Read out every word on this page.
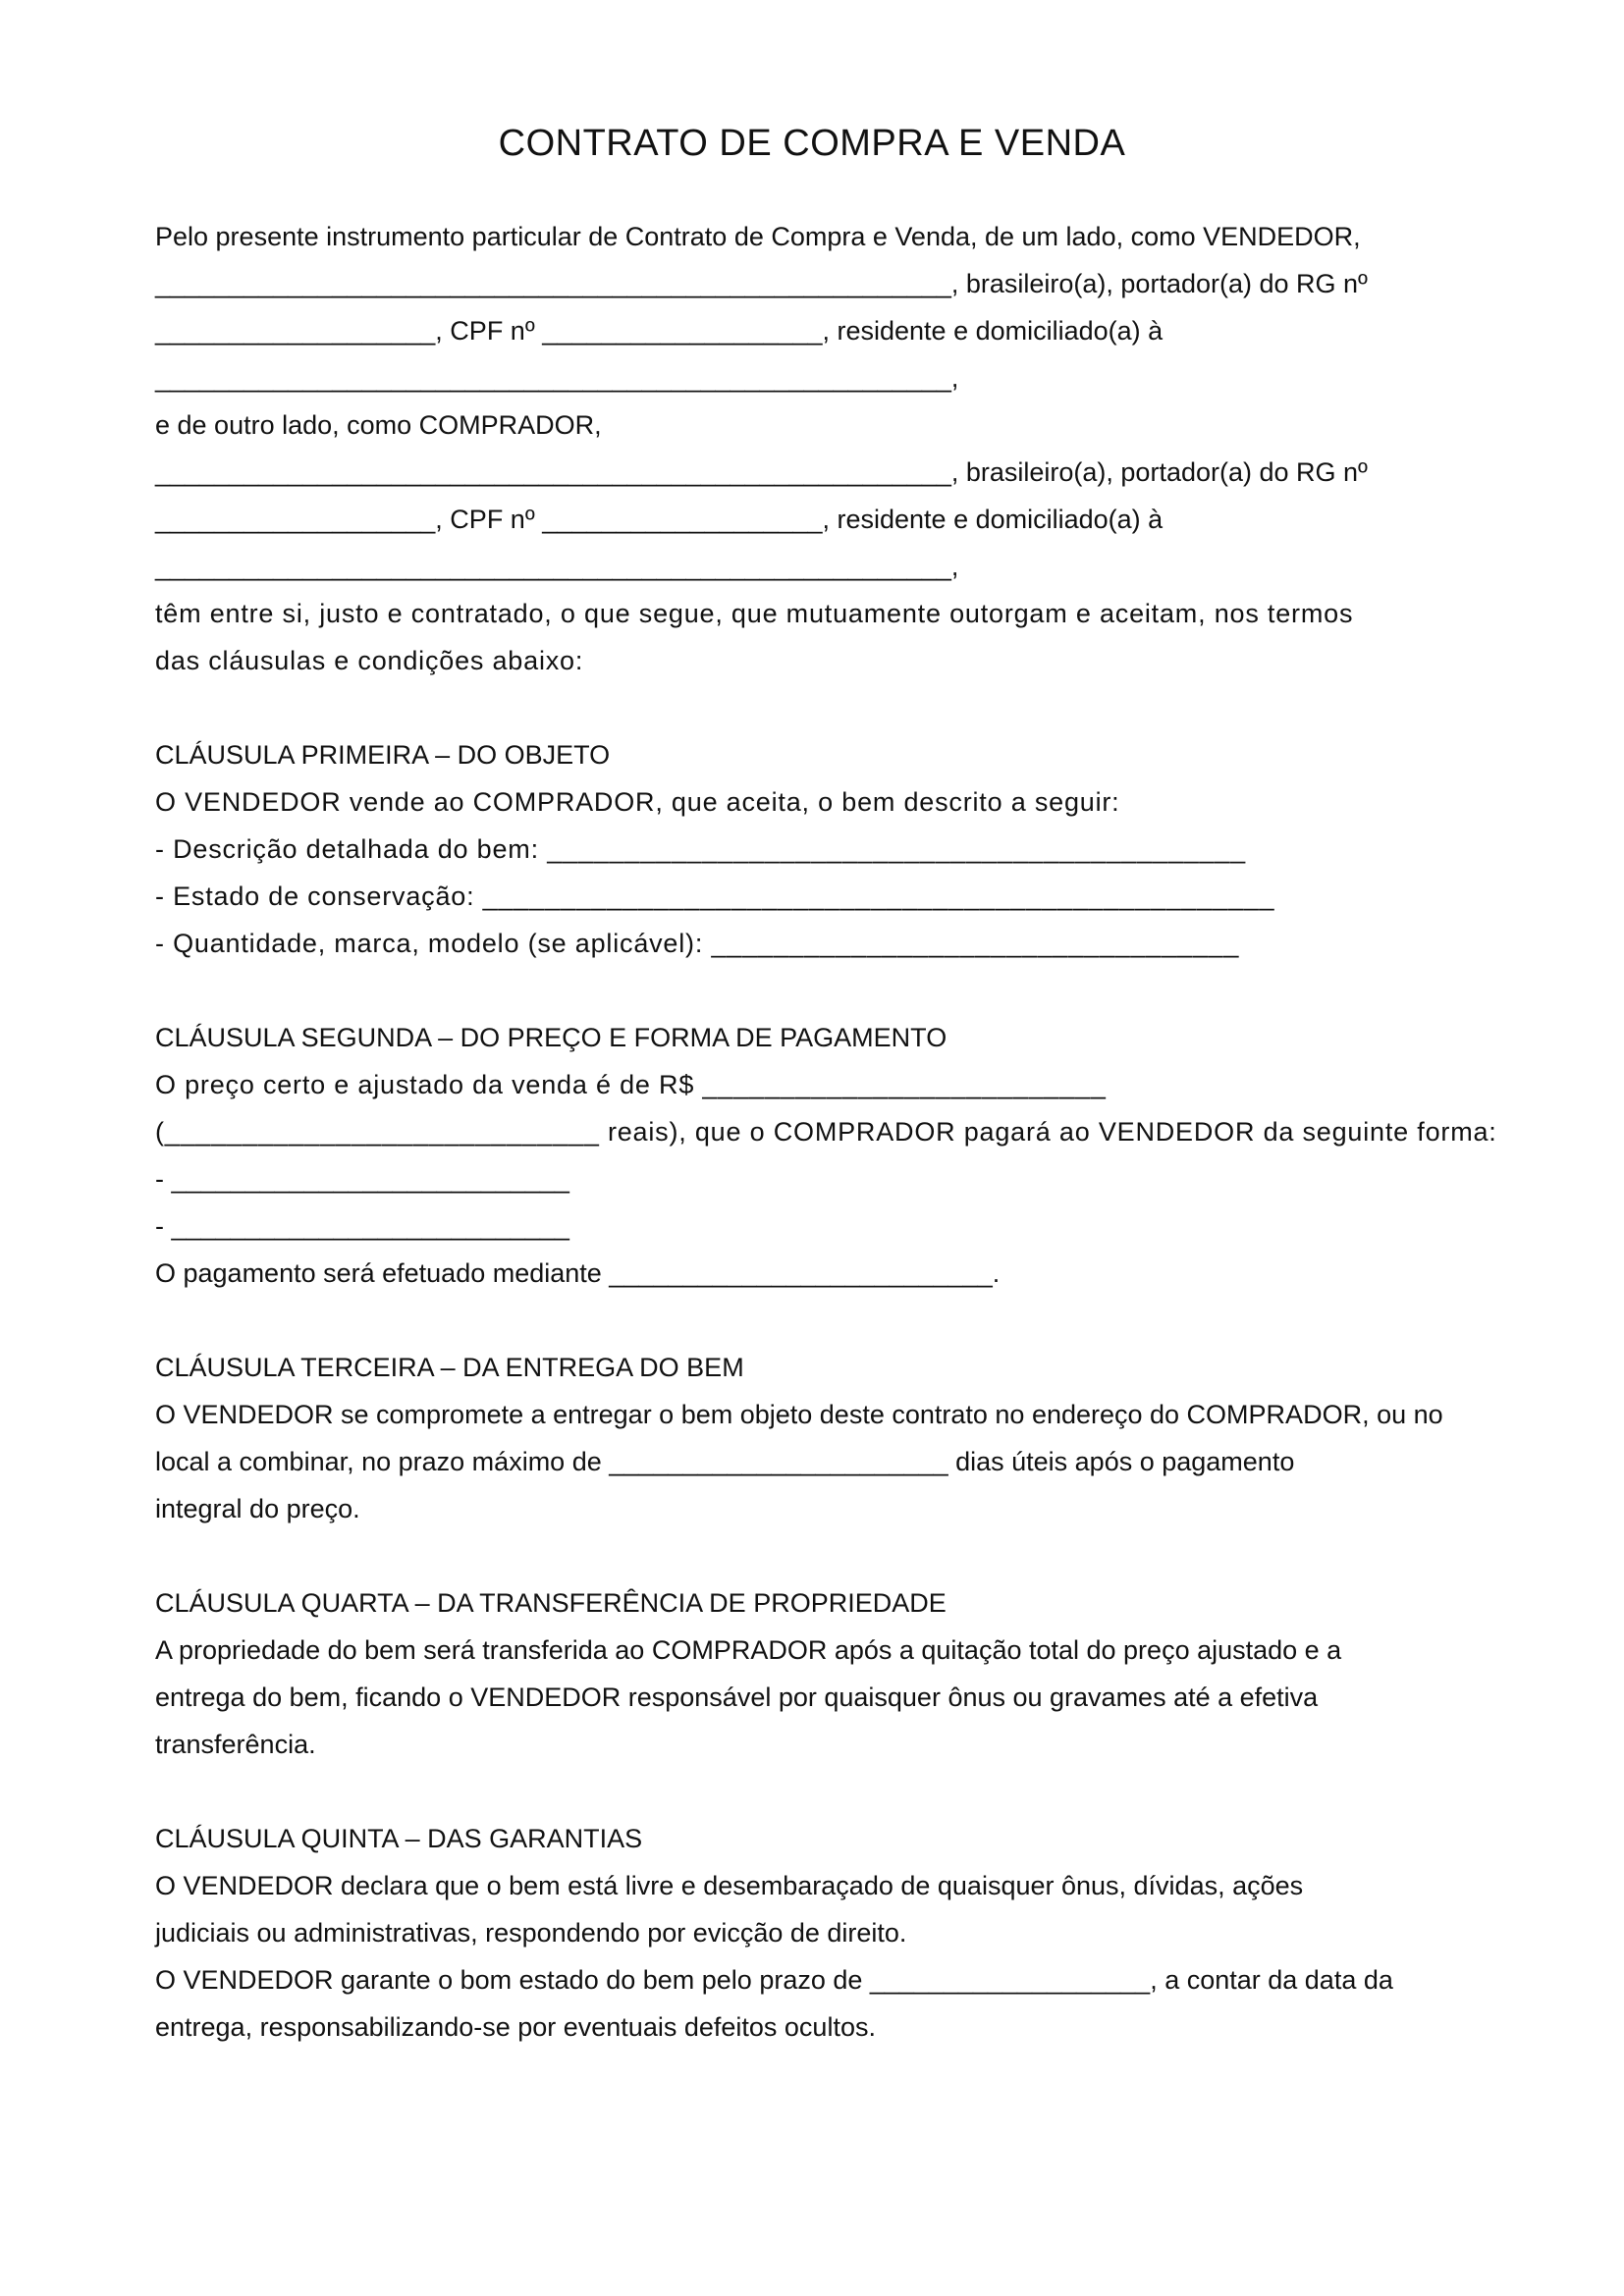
CONTRATO DE COMPRA E VENDA
Pelo presente instrumento particular de Contrato de Compra e Venda, de um lado, como VENDEDOR,
______________________________________________________, brasileiro(a), portador(a) do RG nº
___________________, CPF nº ___________________, residente e domiciliado(a) à
______________________________________________________,
e de outro lado, como COMPRADOR,
______________________________________________________, brasileiro(a), portador(a) do RG nº
___________________, CPF nº ___________________, residente e domiciliado(a) à
______________________________________________________,
têm entre si, justo e contratado, o que segue, que mutuamente outorgam e aceitam, nos termos
das cláusulas e condições abaixo:
CLÁUSULA PRIMEIRA – DO OBJETO
O VENDEDOR vende ao COMPRADOR, que aceita, o bem descrito a seguir:
- Descrição detalhada do bem: _____________________________________________
- Estado de conservação: ___________________________________________________
- Quantidade, marca, modelo (se aplicável): __________________________________
CLÁUSULA SEGUNDA – DO PREÇO E FORMA DE PAGAMENTO
O preço certo e ajustado da venda é de R$ __________________________
(____________________________ reais), que o COMPRADOR pagará ao VENDEDOR da seguinte forma:
- ___________________________
- ___________________________
O pagamento será efetuado mediante __________________________.
CLÁUSULA TERCEIRA – DA ENTREGA DO BEM
O VENDEDOR se compromete a entregar o bem objeto deste contrato no endereço do COMPRADOR, ou no
local a combinar, no prazo máximo de _______________________ dias úteis após o pagamento
integral do preço.
CLÁUSULA QUARTA – DA TRANSFERÊNCIA DE PROPRIEDADE
A propriedade do bem será transferida ao COMPRADOR após a quitação total do preço ajustado e a
entrega do bem, ficando o VENDEDOR responsável por quaisquer ônus ou gravames até a efetiva
transferência.
CLÁUSULA QUINTA – DAS GARANTIAS
O VENDEDOR declara que o bem está livre e desembaraçado de quaisquer ônus, dívidas, ações
judiciais ou administrativas, respondendo por evicção de direito.
O VENDEDOR garante o bom estado do bem pelo prazo de ___________________, a contar da data da
entrega, responsabilizando-se por eventuais defeitos ocultos.
